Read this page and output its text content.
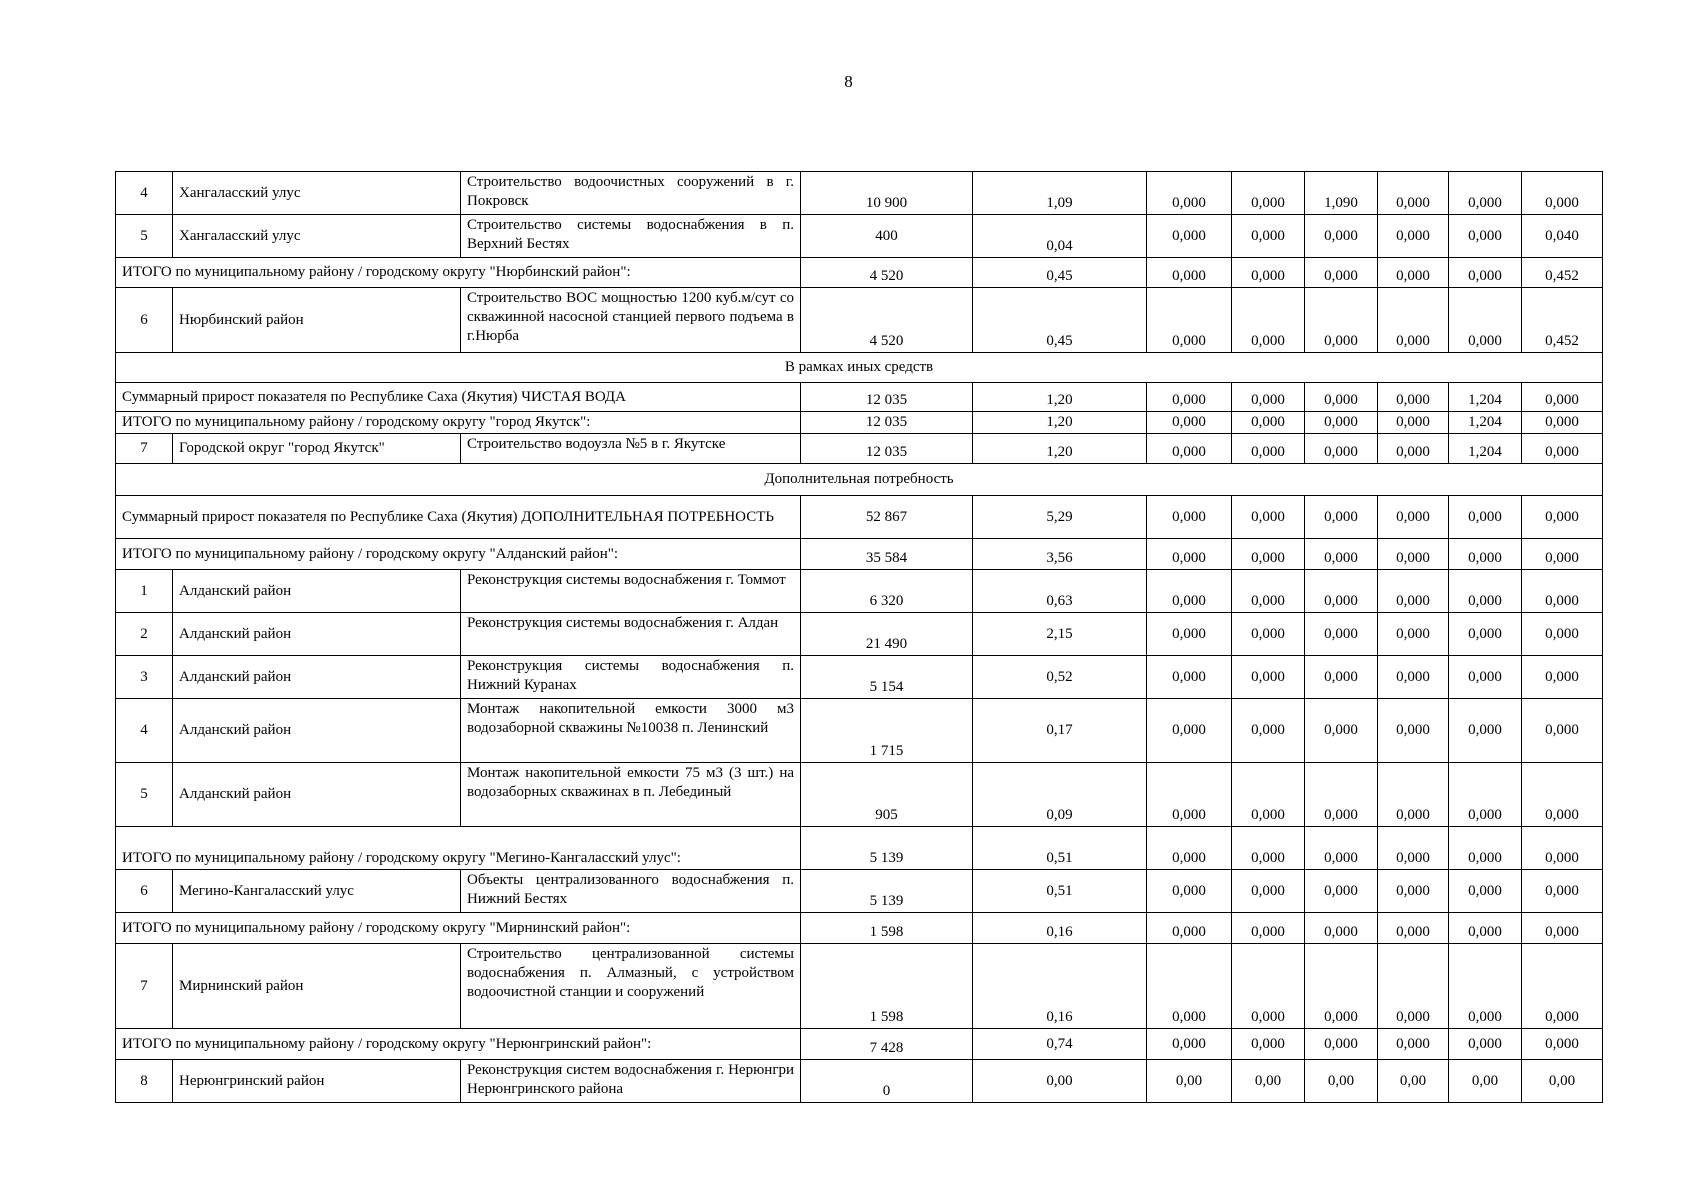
8
4	Хангаласский улус	Строительство водоочистных сооружений в г. Покровск	10 900	1,09	0,000	0,000	1,090	0,000	0,000	0,000
5	Хангаласский улус	Строительство системы водоснабжения в п. Верхний Бестях	400	0,04	0,000	0,000	0,000	0,000	0,000	0,040
ИТОГО по муниципальному району / городскому округу "Нюрбинский район":			4 520	0,45	0,000	0,000	0,000	0,000	0,000	0,452
6	Нюрбинский район	Строительство ВОС мощностью 1200 куб.м/сут со скважинной насосной станцией первого подъема в г.Нюрба	4 520	0,45	0,000	0,000	0,000	0,000	0,000	0,452
В рамках иных средств										
Суммарный прирост показателя по Республике Саха (Якутия) ЧИСТАЯ ВОДА			12 035	1,20	0,000	0,000	0,000	0,000	1,204	0,000
ИТОГО по муниципальному району / городскому округу "город Якутск":			12 035	1,20	0,000	0,000	0,000	0,000	1,204	0,000
7	Городской округ "город Якутск"	Строительство водоузла №5 в г. Якутске	12 035	1,20	0,000	0,000	0,000	0,000	1,204	0,000
Дополнительная потребность										
Суммарный прирост показателя по Республике Саха (Якутия) ДОПОЛНИТЕЛЬНАЯ ПОТРЕБНОСТЬ			52 867	5,29	0,000	0,000	0,000	0,000	0,000	0,000
ИТОГО по муниципальному району / городскому округу "Алданский район":			35 584	3,56	0,000	0,000	0,000	0,000	0,000	0,000
1	Алданский район	Реконструкция системы водоснабжения г. Томмот	6 320	0,63	0,000	0,000	0,000	0,000	0,000	0,000
2	Алданский район	Реконструкция системы водоснабжения г. Алдан	21 490	2,15	0,000	0,000	0,000	0,000	0,000	0,000
3	Алданский район	Реконструкция системы водоснабжения п. Нижний Куранах	5 154	0,52	0,000	0,000	0,000	0,000	0,000	0,000
4	Алданский район	Монтаж накопительной емкости 3000 м3 водозаборной скважины №10038 п. Ленинский	1 715	0,17	0,000	0,000	0,000	0,000	0,000	0,000
5	Алданский район	Монтаж накопительной емкости 75 м3 (3 шт.) на водозаборных скважинах в п. Лебединый	905	0,09	0,000	0,000	0,000	0,000	0,000	0,000
ИТОГО по муниципальному району / городскому округу "Мегино-Кангаласский улус":			5 139	0,51	0,000	0,000	0,000	0,000	0,000	0,000
6	Мегино-Кангаласский улус	Объекты централизованного водоснабжения п. Нижний Бестях	5 139	0,51	0,000	0,000	0,000	0,000	0,000	0,000
ИТОГО по муниципальному району / городскому округу "Мирнинский район":			1 598	0,16	0,000	0,000	0,000	0,000	0,000	0,000
7	Мирнинский район	Строительство централизованной системы водоснабжения п. Алмазный, с устройством водоочистной станции и сооружений	1 598	0,16	0,000	0,000	0,000	0,000	0,000	0,000
ИТОГО по муниципальному району / городскому округу "Нерюнгринский район":			7 428	0,74	0,000	0,000	0,000	0,000	0,000	0,000
8	Нерюнгринский район	Реконструкция систем водоснабжения г. Нерюнгри Нерюнгринского района	0	0,00	0,00	0,00	0,00	0,00	0,00	0,00
